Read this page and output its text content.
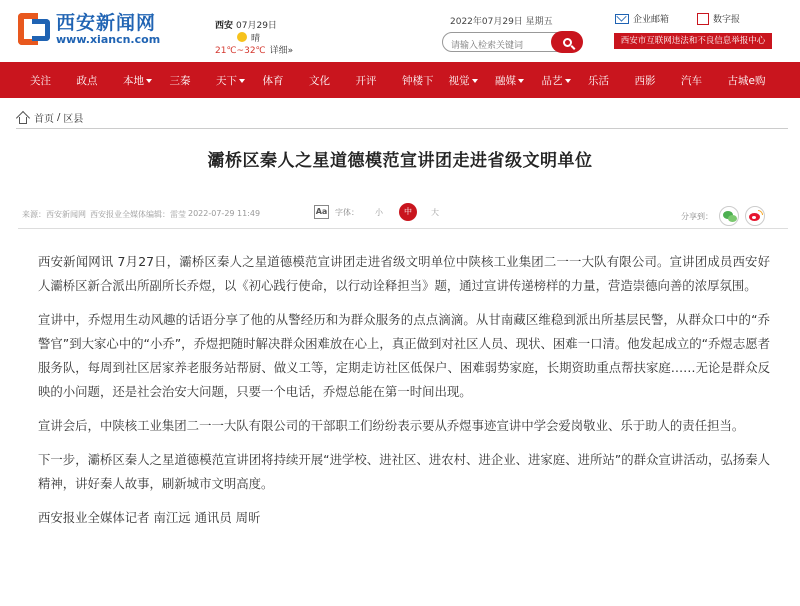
西安新闻网
www.xiancn.com
西安 07月29日
晴
21℃~32℃ 详细»
2022年07月29日 星期五
请输入检索关键词	企业邮箱	数字报
西安市互联网违法和不良信息举报中心
关注	政点	本地	三秦	天下	体育	文化	开评	钟楼下	视觉	融媒	品艺	乐活	西影	汽车	古城e购
首页 / 区县
灞桥区秦人之星道德模范宣讲团走进省级文明单位
来源：西安新闻网 西安报业全媒体编辑：雷莹 2022-07-29 11:49	Aa 字体： 小	中	大	分享到：

西安新闻网讯 7月27日，灞桥区秦人之星道德模范宣讲团走进省级文明单位中陕核工业集团二一一大队有限公司。宣讲团成员西安好人灞桥区新合派出所副所长乔煜，以《初心践行使命，以行动诠释担当》题，通过宣讲传递榜样的力量，营造崇德向善的浓厚氛围。

宣讲中，乔煜用生动风趣的话语分享了他的从警经历和为群众服务的点点滴滴。从甘南藏区维稳到派出所基层民警，从群众口中的“乔警官”到大家心中的“小乔”，乔煜把随时解决群众困难放在心上，真正做到对社区人员、现状、困难一口清。他发起成立的“乔煜志愿者服务队，每周到社区居家养老服务站帮厨、做义工等，定期走访社区低保户、困难弱势家庭，长期资助重点帮扶家庭……无论是群众反映的小问题，还是社会治安大问题，只要一个电话，乔煜总能在第一时间出现。

宣讲会后，中陕核工业集团二一一大队有限公司的干部职工们纷纷表示要从乔煜事迹宣讲中学会爱岗敬业、乐于助人的责任担当。

下一步，灞桥区秦人之星道德模范宣讲团将持续开展“进学校、进社区、进农村、进企业、进家庭、进所站”的群众宣讲活动，弘扬秦人精神，讲好秦人故事，刷新城市文明高度。

西安报业全媒体记者 南江远 通讯员 周昕
